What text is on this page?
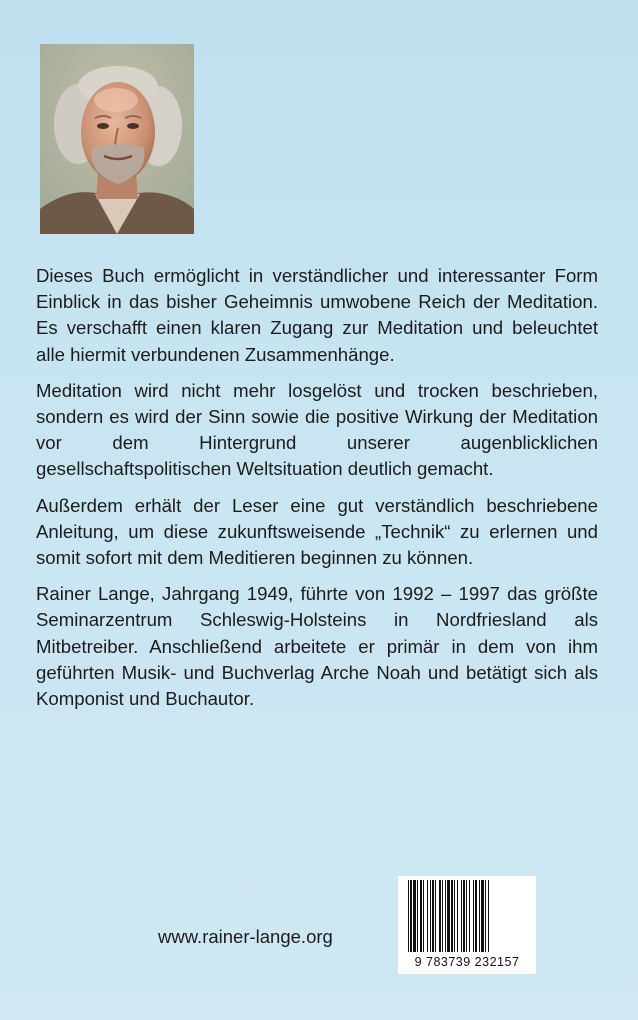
Dieses Buch ermöglicht in verständlicher und interessanter Form Einblick in das bisher Geheimnis umwobene Reich der Meditation. Es verschafft einen klaren Zugang zur Meditation und beleuchtet alle hiermit verbundenen Zusammenhänge.

Meditation wird nicht mehr losgelöst und trocken beschrieben, sondern es wird der Sinn sowie die positive Wirkung der Meditation vor dem Hintergrund unserer augenblicklichen gesellschaftspolitischen Weltsituation deutlich gemacht.

Außerdem erhält der Leser eine gut verständlich beschriebene Anleitung, um diese zukunftsweisende „Technik“ zu erlernen und somit sofort mit dem Meditieren beginnen zu können.

Rainer Lange, Jahrgang 1949, führte von 1992 – 1997 das größte Seminarzentrum Schleswig-Holsteins in Nordfriesland als Mitbetreiber. Anschließend arbeitete er primär in dem von ihm geführten Musik- und Buchverlag Arche Noah und betätigt sich als Komponist und Buchautor.

www.rainer-lange.org
9 783739 232157
